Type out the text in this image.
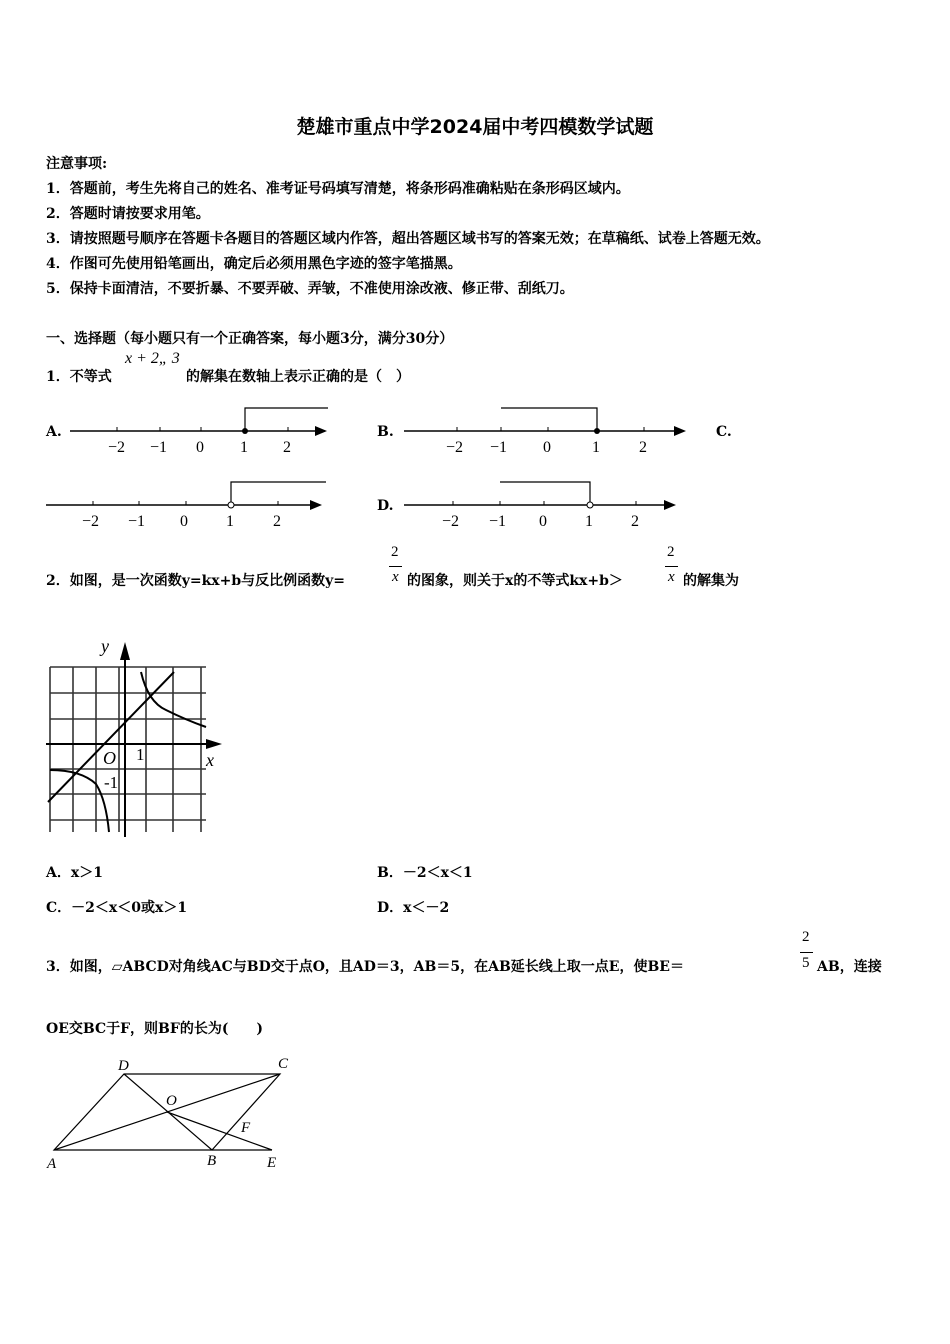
楚雄市重点中学2024届中考四模数学试题
注意事项:
1．答题前，考生先将自己的姓名、准考证号码填写清楚，将条形码准确粘贴在条形码区域内。
2．答题时请按要求用笔。
3．请按照题号顺序在答题卡各题目的答题区域内作答，超出答题区域书写的答案无效；在草稿纸、试卷上答题无效。
4．作图可先使用铅笔画出，确定后必须用黑色字迹的签字笔描黑。
5．保持卡面清洁，不要折暴、不要弄破、弄皱，不准使用涂改液、修正带、刮纸刀。
一、选择题（每小题只有一个正确答案，每小题3分，满分30分）
1．不等式
x + 2„ 3
的解集在数轴上表示正确的是（　）
A.	B.	C.
D.
−2 −1 0 1 2	−2 −1 0	1 2
−2 −1 0 1 2	−2 −1 0 1 2
2．如图，是一次函数y=kx+b与反比例函数y=
2
x 的图象，则关于x的不等式kx+b＞
2
x 的解集为
y
x
O 1
-1
A．x＞1	B．－2＜x＜1
C．－2＜x＜0或x＞1	D．x＜－2
3．如图，▱ABCD对角线AC与BD交于点O，且AD＝3，AB＝5，在AB延长线上取一点E，使BE＝
2
5 AB，连接
OE交BC于F，则BF的长为(　　)
A	B
C
D
E
O
F
